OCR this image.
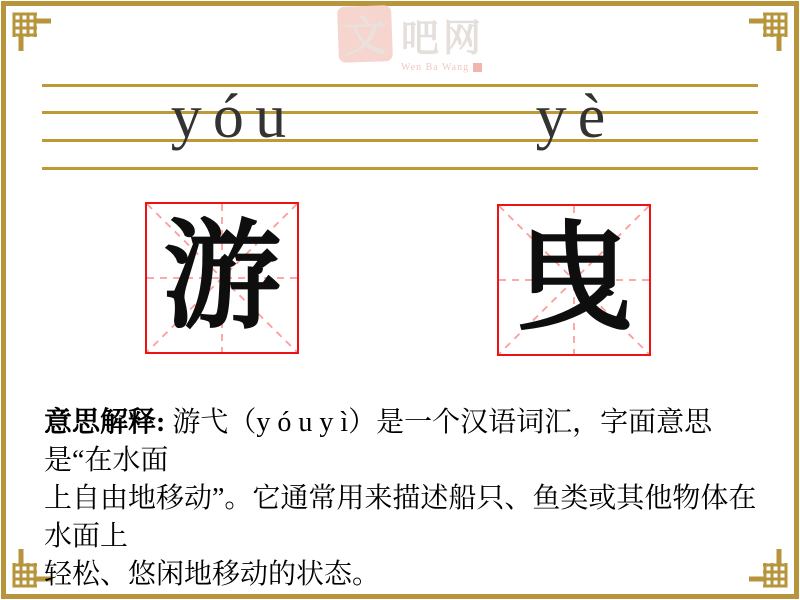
文 吧网
Wen Ba Wang
yóu	yè
游 曳
意思解释: 游弋（y ó u y ì）是一个汉语词汇，字面意思是“在水面
上自由地移动”。它通常用来描述船只、鱼类或其他物体在水面上
轻松、悠闲地移动的状态。
